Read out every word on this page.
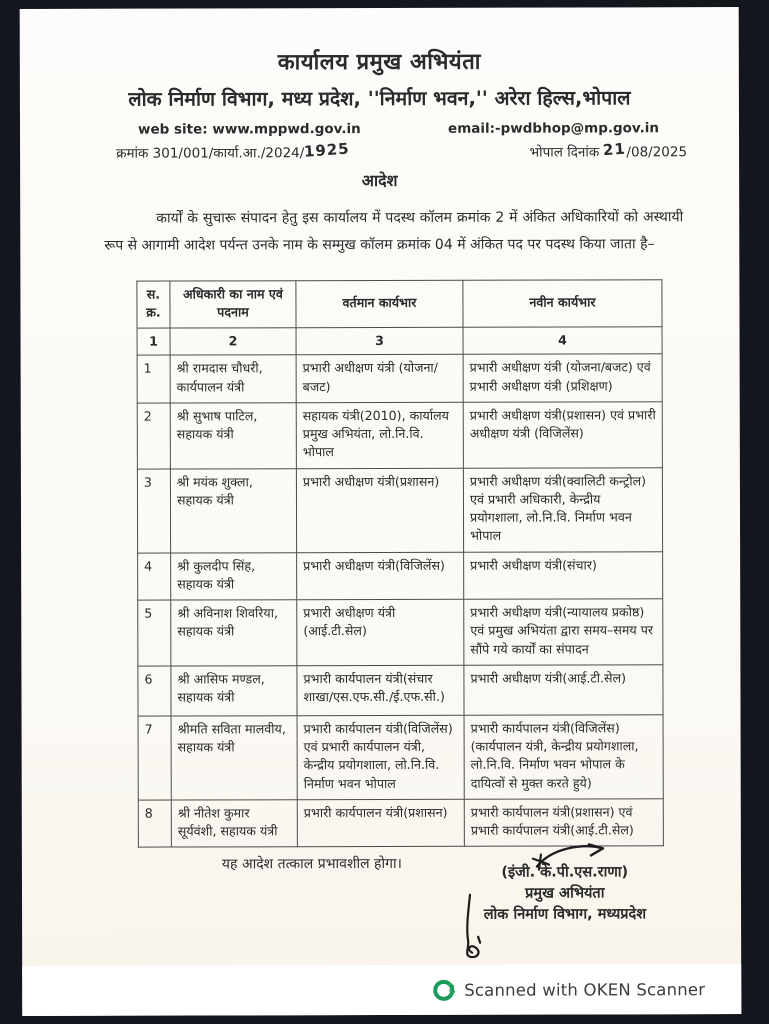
कार्यालय प्रमुख अभियंता
लोक निर्माण विभाग, मध्य प्रदेश, ''निर्माण भवन,'' अरेरा हिल्स,भोपाल
web site: www.mppwd.gov.in	email:-pwdbhop@mp.gov.in
क्रमांक 301/001/कार्या.आ./2024/1925	भोपाल दिनांक 21/08/2025
आदेश
कार्यों के सुचारू संपादन हेतु इस कार्यालय में पदस्थ कॉलम क्रमांक 2 में अंकित अधिकारियों को अस्थायी रूप से आगामी आदेश पर्यन्त उनके नाम के सम्मुख कॉलम क्रमांक 04 में अंकित पद पर पदस्थ किया जाता है–
स. क्र.	अधिकारी का नाम एवं पदनाम	वर्तमान कार्यभार	नवीन कार्यभार
1	2	3	4
1	श्री रामदास चौधरी, कार्यपालन यंत्री	प्रभारी अधीक्षण यंत्री (योजना/बजट)	प्रभारी अधीक्षण यंत्री (योजना/बजट) एवं प्रभारी अधीक्षण यंत्री (प्रशिक्षण)
2	श्री सुभाष पाटिल, सहायक यंत्री	सहायक यंत्री(2010), कार्यालय प्रमुख अभियंता, लो.नि.वि. भोपाल	प्रभारी अधीक्षण यंत्री(प्रशासन) एवं प्रभारी अधीक्षण यंत्री (विजिलेंस)
3	श्री मयंक शुक्ला, सहायक यंत्री	प्रभारी अधीक्षण यंत्री(प्रशासन)	प्रभारी अधीक्षण यंत्री(क्वालिटी कन्ट्रोल) एवं प्रभारी अधिकारी, केन्द्रीय प्रयोगशाला, लो.नि.वि. निर्माण भवन भोपाल
4	श्री कुलदीप सिंह, सहायक यंत्री	प्रभारी अधीक्षण यंत्री(विजिलेंस)	प्रभारी अधीक्षण यंत्री(संचार)
5	श्री अविनाश शिवरिया, सहायक यंत्री	प्रभारी अधीक्षण यंत्री (आई.टी.सेल)	प्रभारी अधीक्षण यंत्री(न्यायालय प्रकोष्ठ) एवं प्रमुख अभियंता द्वारा समय–समय पर सौंपे गये कार्यों का संपादन
6	श्री आसिफ मण्डल, सहायक यंत्री	प्रभारी कार्यपालन यंत्री(संचार शाखा/एस.एफ.सी./ई.एफ.सी.)	प्रभारी अधीक्षण यंत्री(आई.टी.सेल)
7	श्रीमति सविता मालवीय, सहायक यंत्री	प्रभारी कार्यपालन यंत्री(विजिलेंस) एवं प्रभारी कार्यपालन यंत्री, केन्द्रीय प्रयोगशाला, लो.नि.वि. निर्माण भवन भोपाल	प्रभारी कार्यपालन यंत्री(विजिलेंस) (कार्यपालन यंत्री, केन्द्रीय प्रयोगशाला, लो.नि.वि. निर्माण भवन भोपाल के दायित्वों से मुक्त करते हुये)
8	श्री नीतेश कुमार सूर्यवंशी, सहायक यंत्री	प्रभारी कार्यपालन यंत्री(प्रशासन)	प्रभारी कार्यपालन यंत्री(प्रशासन) एवं प्रभारी कार्यपालन यंत्री(आई.टी.सेल)
यह आदेश तत्काल प्रभावशील होगा।	(इंजी. के.पी.एस.राणा)
प्रमुख अभियंता
लोक निर्माण विभाग, मध्यप्रदेश
Scanned with OKEN Scanner
